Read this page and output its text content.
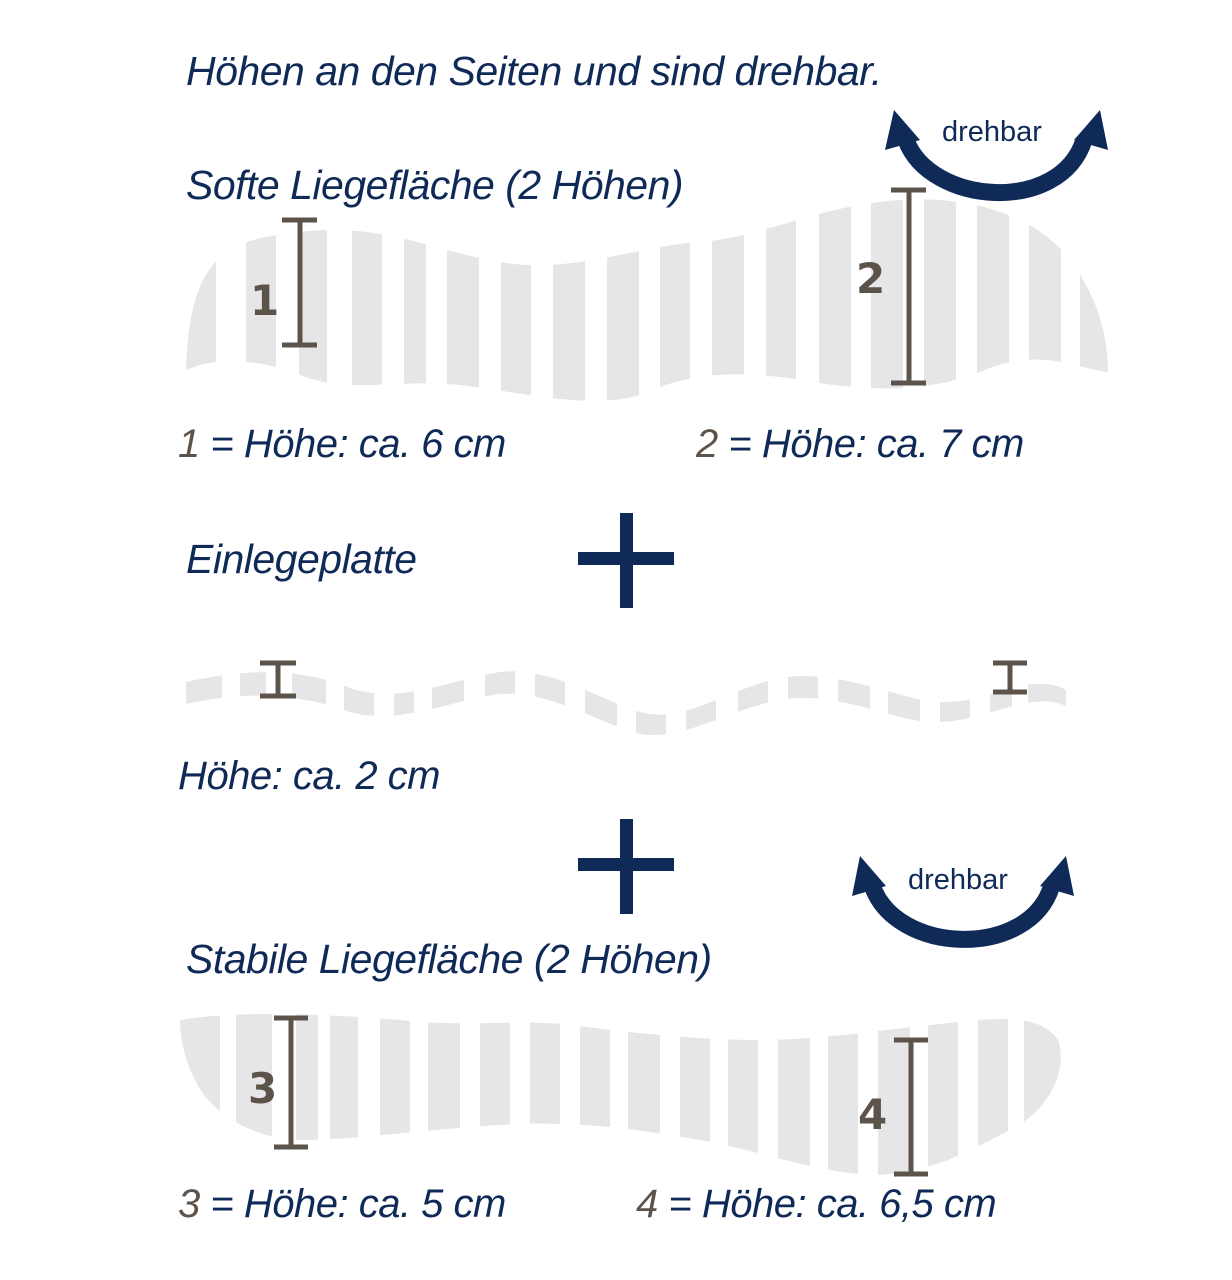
Höhen an den Seiten und sind drehbar.
Softe Liegefläche (2 Höhen)
drehbar
1	2
1 = Höhe: ca. 6 cm	2 = Höhe: ca. 7 cm
Einlegeplatte
Höhe: ca. 2 cm
drehbar
Stabile Liegefläche (2 Höhen)
3
4
3 = Höhe: ca. 5 cm	4 = Höhe: ca. 6,5 cm
